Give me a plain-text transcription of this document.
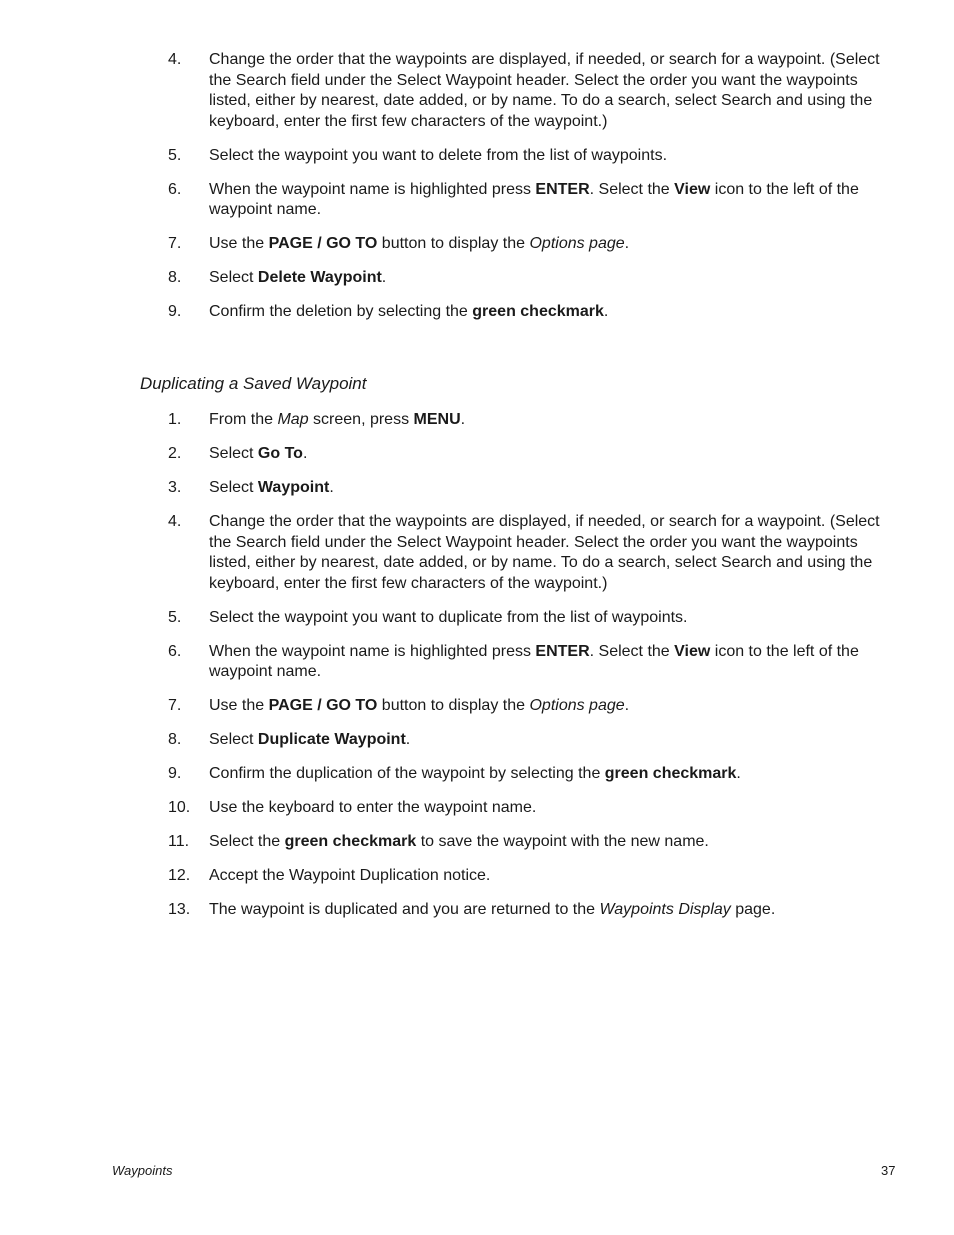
4. Change the order that the waypoints are displayed, if needed, or search for a waypoint. (Select the Search field under the Select Waypoint header. Select the order you want the waypoints listed, either by nearest, date added, or by name. To do a search, select Search and using the keyboard, enter the first few characters of the waypoint.)
5. Select the waypoint you want to delete from the list of waypoints.
6. When the waypoint name is highlighted press ENTER. Select the View icon to the left of the waypoint name.
7. Use the PAGE / GO TO button to display the Options page.
8. Select Delete Waypoint.
9. Confirm the deletion by selecting the green checkmark.
Duplicating a Saved Waypoint
1. From the Map screen, press MENU.
2. Select Go To.
3. Select Waypoint.
4. Change the order that the waypoints are displayed, if needed, or search for a waypoint. (Select the Search field under the Select Waypoint header. Select the order you want the waypoints listed, either by nearest, date added, or by name. To do a search, select Search and using the keyboard, enter the first few characters of the waypoint.)
5. Select the waypoint you want to duplicate from the list of waypoints.
6. When the waypoint name is highlighted press ENTER. Select the View icon to the left of the waypoint name.
7. Use the PAGE / GO TO button to display the Options page.
8. Select Duplicate Waypoint.
9. Confirm the duplication of the waypoint by selecting the green checkmark.
10. Use the keyboard to enter the waypoint name.
11. Select the green checkmark to save the waypoint with the new name.
12. Accept the Waypoint Duplication notice.
13. The waypoint is duplicated and you are returned to the Waypoints Display page.
Waypoints	37
